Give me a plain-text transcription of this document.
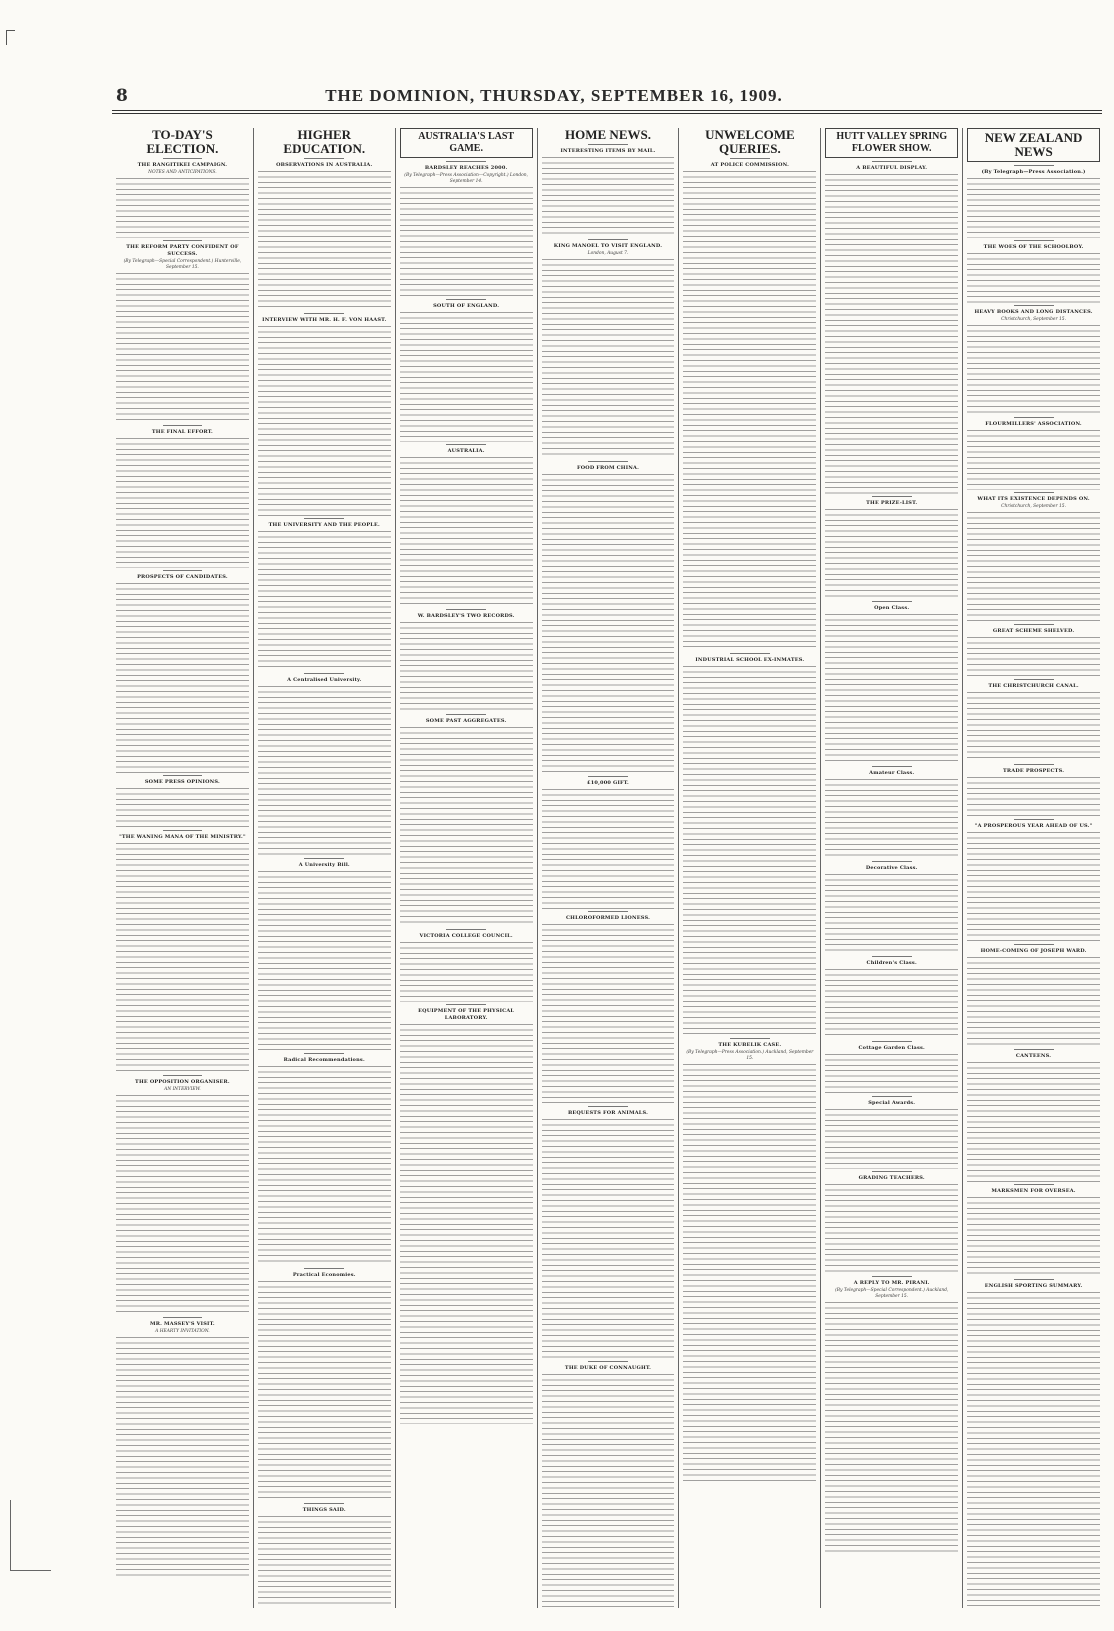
8	THE DOMINION, THURSDAY, SEPTEMBER 16, 1909.
TO-DAY'S ELECTION.
THE RANGITIKEI CAMPAIGN.
NOTES AND ANTICIPATIONS.
THE REFORM PARTY CONFIDENT OF SUCCESS.
(By Telegraph—Special Correspondent.) Hunterville, September 15.
THE FINAL EFFORT.
PROSPECTS OF CANDIDATES.
SOME PRESS OPINIONS.
"THE WANING MANA OF THE MINISTRY."
THE OPPOSITION ORGANISER.
AN INTERVIEW.
MR. MASSEY'S VISIT.
A HEARTY INVITATION.
HIGHER EDUCATION.
OBSERVATIONS IN AUSTRALIA.
INTERVIEW WITH MR. H. F. VON HAAST.
THE UNIVERSITY AND THE PEOPLE.
A Centralised University.
A University Bill.
Radical Recommendations.
Practical Economies.
THINGS SAID.
AUSTRALIA'S LAST GAME.
BARDSLEY REACHES 2000.
(By Telegraph—Press Association—Copyright.) London, September 14.
SOUTH OF ENGLAND.
AUSTRALIA.
W. BARDSLEY'S TWO RECORDS.
SOME PAST AGGREGATES.
VICTORIA COLLEGE COUNCIL.
EQUIPMENT OF THE PHYSICAL LABORATORY.
HOME NEWS.
INTERESTING ITEMS BY MAIL.
KING MANOEL TO VISIT ENGLAND.
London, August 7.
FOOD FROM CHINA.
£10,000 GIFT.
CHLOROFORMED LIONESS.
BEQUESTS FOR ANIMALS.
THE DUKE OF CONNAUGHT.
UNWELCOME QUERIES.
AT POLICE COMMISSION.
INDUSTRIAL SCHOOL EX-INMATES.
THE KUBELIK CASE.
(By Telegraph—Press Association.) Auckland, September 15.
HUTT VALLEY SPRING FLOWER SHOW.
A BEAUTIFUL DISPLAY.
THE PRIZE-LIST.
Open Class.
Amateur Class.
Decorative Class.
Children's Class.
Cottage Garden Class.
Special Awards.
GRADING TEACHERS.
A REPLY TO MR. PIRANI.
(By Telegraph—Special Correspondent.) Auckland, September 15.
NEW ZEALAND NEWS
(By Telegraph—Press Association.)
THE WOES OF THE SCHOOLBOY.
HEAVY BOOKS AND LONG DISTANCES.
Christchurch, September 15.
FLOURMILLERS' ASSOCIATION.
WHAT ITS EXISTENCE DEPENDS ON.
Christchurch, September 15.
GREAT SCHEME SHELVED.
THE CHRISTCHURCH CANAL.
TRADE PROSPECTS.
"A PROSPEROUS YEAR AHEAD OF US."
HOME-COMING OF JOSEPH WARD.
CANTEENS.
MARKSMEN FOR OVERSEA.
ENGLISH SPORTING SUMMARY.
